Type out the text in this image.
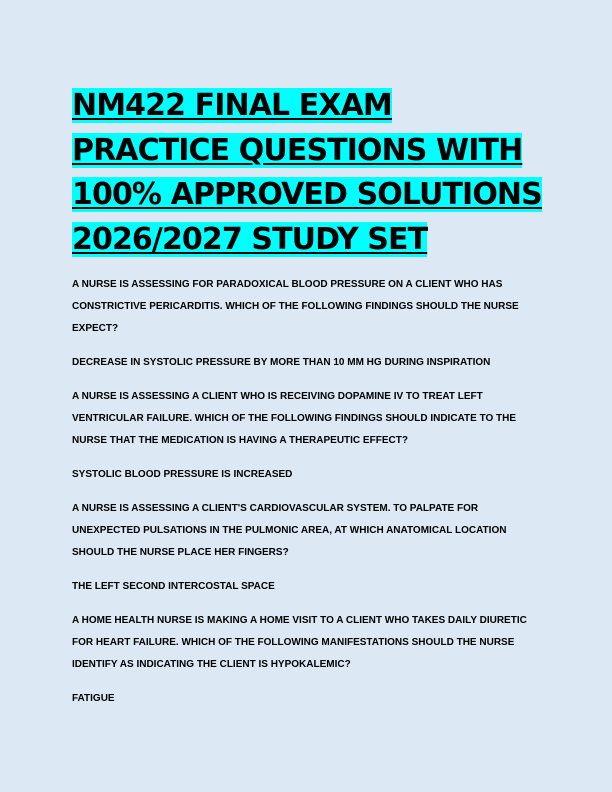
NM422 FINAL EXAM PRACTICE QUESTIONS WITH 100% APPROVED SOLUTIONS 2026/2027 STUDY SET

A NURSE IS ASSESSING FOR PARADOXICAL BLOOD PRESSURE ON A CLIENT WHO HAS CONSTRICTIVE PERICARDITIS. WHICH OF THE FOLLOWING FINDINGS SHOULD THE NURSE EXPECT?

DECREASE IN SYSTOLIC PRESSURE BY MORE THAN 10 MM HG DURING INSPIRATION

A NURSE IS ASSESSING A CLIENT WHO IS RECEIVING DOPAMINE IV TO TREAT LEFT VENTRICULAR FAILURE. WHICH OF THE FOLLOWING FINDINGS SHOULD INDICATE TO THE NURSE THAT THE MEDICATION IS HAVING A THERAPEUTIC EFFECT?

SYSTOLIC BLOOD PRESSURE IS INCREASED

A NURSE IS ASSESSING A CLIENT'S CARDIOVASCULAR SYSTEM. TO PALPATE FOR UNEXPECTED PULSATIONS IN THE PULMONIC AREA, AT WHICH ANATOMICAL LOCATION SHOULD THE NURSE PLACE HER FINGERS?

THE LEFT SECOND INTERCOSTAL SPACE

A HOME HEALTH NURSE IS MAKING A HOME VISIT TO A CLIENT WHO TAKES DAILY DIURETIC FOR HEART FAILURE. WHICH OF THE FOLLOWING MANIFESTATIONS SHOULD THE NURSE IDENTIFY AS INDICATING THE CLIENT IS HYPOKALEMIC?

FATIGUE
